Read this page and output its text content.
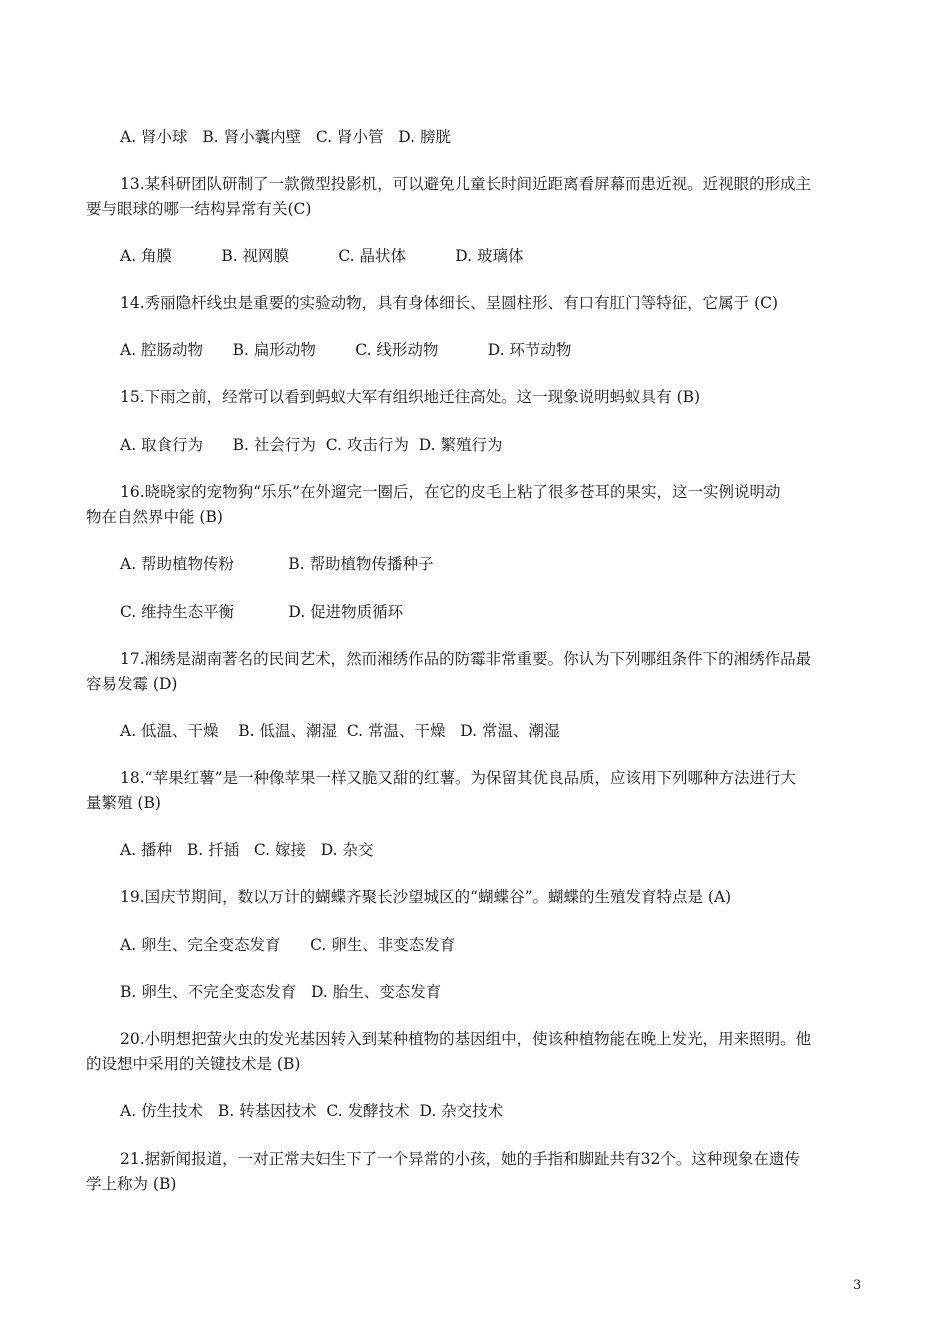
A. 肾小球   B. 肾小囊内壁   C. 肾小管   D. 膀胱
13.某科研团队研制了一款微型投影机，可以避免儿童长时间近距离看屏幕而患近视。近视眼的形成主
要与眼球的哪一结构异常有关(C)
A. 角膜          B. 视网膜          C. 晶状体          D. 玻璃体
14.秀丽隐杆线虫是重要的实验动物，具有身体细长、呈圆柱形、有口有肛门等特征，它属于 (C)
A. 腔肠动物      B. 扁形动物        C. 线形动物          D. 环节动物
15.下雨之前，经常可以看到蚂蚁大军有组织地迁往高处。这一现象说明蚂蚁具有 (B)
A. 取食行为      B. 社会行为  C. 攻击行为  D. 繁殖行为
16.晓晓家的宠物狗“乐乐”在外遛完一圈后，在它的皮毛上粘了很多苍耳的果实，这一实例说明动
物在自然界中能 (B)
A. 帮助植物传粉           B. 帮助植物传播种子
C. 维持生态平衡           D. 促进物质循环
17.湘绣是湖南著名的民间艺术，然而湘绣作品的防霉非常重要。你认为下列哪组条件下的湘绣作品最
容易发霉 (D)
A. 低温、干燥    B. 低温、潮湿  C. 常温、干燥   D. 常温、潮湿
18.“苹果红薯”是一种像苹果一样又脆又甜的红薯。为保留其优良品质，应该用下列哪种方法进行大
量繁殖 (B)
A. 播种   B. 扦插   C. 嫁接   D. 杂交
19.国庆节期间，数以万计的蝴蝶齐聚长沙望城区的“蝴蝶谷”。蝴蝶的生殖发育特点是 (A)
A. 卵生、完全变态发育      C. 卵生、非变态发育
B. 卵生、不完全变态发育   D. 胎生、变态发育
20.小明想把萤火虫的发光基因转入到某种植物的基因组中，使该种植物能在晚上发光，用来照明。他
的设想中采用的关键技术是 (B)
A. 仿生技术   B. 转基因技术  C. 发酵技术  D. 杂交技术
21.据新闻报道，一对正常夫妇生下了一个异常的小孩，她的手指和脚趾共有32个。这种现象在遗传
学上称为 (B)
3
